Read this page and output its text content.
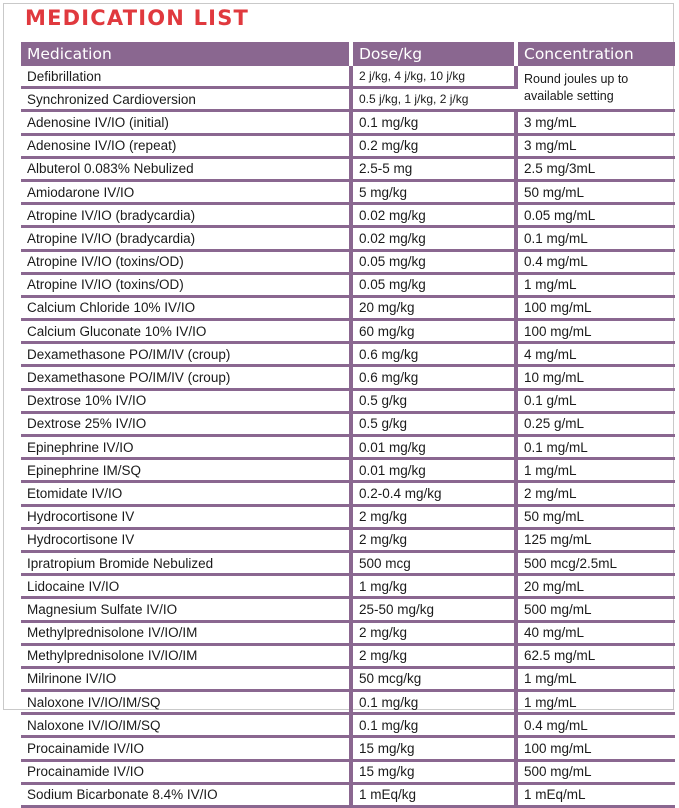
MEDICATION LIST
Medication	Dose/kg	Concentration
Defibrillation	2 j/kg, 4 j/kg, 10 j/kg	Round joules up to available setting
Synchronized Cardioversion	0.5 j/kg, 1 j/kg, 2 j/kg	
Adenosine IV/IO (initial)	0.1 mg/kg	3 mg/mL
Adenosine IV/IO (repeat)	0.2 mg/kg	3 mg/mL
Albuterol 0.083% Nebulized	2.5-5 mg	2.5 mg/3mL
Amiodarone IV/IO	5 mg/kg	50 mg/mL
Atropine IV/IO (bradycardia)	0.02 mg/kg	0.05 mg/mL
Atropine IV/IO (bradycardia)	0.02 mg/kg	0.1 mg/mL
Atropine IV/IO (toxins/OD)	0.05 mg/kg	0.4 mg/mL
Atropine IV/IO (toxins/OD)	0.05 mg/kg	1 mg/mL
Calcium Chloride 10% IV/IO	20 mg/kg	100 mg/mL
Calcium Gluconate 10% IV/IO	60 mg/kg	100 mg/mL
Dexamethasone PO/IM/IV (croup)	0.6 mg/kg	4 mg/mL
Dexamethasone PO/IM/IV (croup)	0.6 mg/kg	10 mg/mL
Dextrose 10% IV/IO	0.5 g/kg	0.1 g/mL
Dextrose 25% IV/IO	0.5 g/kg	0.25 g/mL
Epinephrine IV/IO	0.01 mg/kg	0.1 mg/mL
Epinephrine IM/SQ	0.01 mg/kg	1 mg/mL
Etomidate IV/IO	0.2-0.4 mg/kg	2 mg/mL
Hydrocortisone IV	2 mg/kg	50 mg/mL
Hydrocortisone IV	2 mg/kg	125 mg/mL
Ipratropium Bromide Nebulized	500 mcg	500 mcg/2.5mL
Lidocaine IV/IO	1 mg/kg	20 mg/mL
Magnesium Sulfate IV/IO	25-50 mg/kg	500 mg/mL
Methylprednisolone IV/IO/IM	2 mg/kg	40 mg/mL
Methylprednisolone IV/IO/IM	2 mg/kg	62.5 mg/mL
Milrinone IV/IO	50 mcg/kg	1 mg/mL
Naloxone IV/IO/IM/SQ	0.1 mg/kg	1 mg/mL
Naloxone IV/IO/IM/SQ	0.1 mg/kg	0.4 mg/mL
Procainamide IV/IO	15 mg/kg	100 mg/mL
Procainamide IV/IO	15 mg/kg	500 mg/mL
Sodium Bicarbonate 8.4% IV/IO	1 mEq/kg	1 mEq/mL
